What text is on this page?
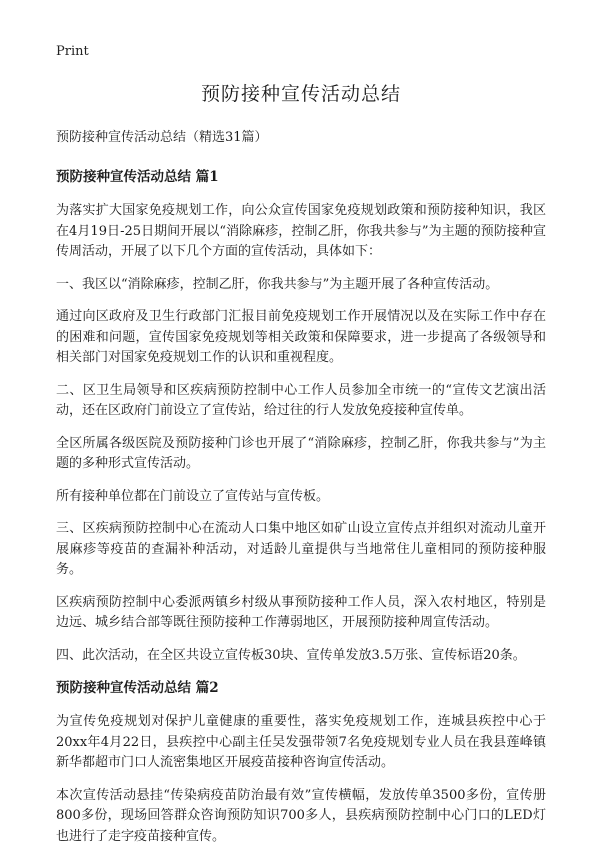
Print
预防接种宣传活动总结

预防接种宣传活动总结（精选31篇）

预防接种宣传活动总结 篇1

为落实扩大国家免疫规划工作，向公众宣传国家免疫规划政策和预防接种知识，我区在4月19日-25日期间开展以“消除麻疹，控制乙肝，你我共参与”为主题的预防接种宣传周活动，开展了以下几个方面的宣传活动，具体如下：

一、我区以“消除麻疹，控制乙肝，你我共参与”为主题开展了各种宣传活动。

通过向区政府及卫生行政部门汇报目前免疫规划工作开展情况以及在实际工作中存在的困难和问题，宣传国家免疫规划等相关政策和保障要求，进一步提高了各级领导和相关部门对国家免疫规划工作的认识和重视程度。

二、区卫生局领导和区疾病预防控制中心工作人员参加全市统一的“宣传文艺演出活动，还在区政府门前设立了宣传站，给过往的行人发放免疫接种宣传单。

全区所属各级医院及预防接种门诊也开展了“消除麻疹，控制乙肝，你我共参与”为主题的多种形式宣传活动。

所有接种单位都在门前设立了宣传站与宣传板。

三、区疾病预防控制中心在流动人口集中地区如矿山设立宣传点并组织对流动儿童开展麻疹等疫苗的查漏补种活动，对适龄儿童提供与当地常住儿童相同的预防接种服务。

区疾病预防控制中心委派两镇乡村级从事预防接种工作人员，深入农村地区，特别是边远、城乡结合部等既往预防接种工作薄弱地区，开展预防接种周宣传活动。

四、此次活动，在全区共设立宣传板30块、宣传单发放3.5万张、宣传标语20条。

预防接种宣传活动总结 篇2

为宣传免疫规划对保护儿童健康的重要性，落实免疫规划工作，连城县疾控中心于20xx年4月22日，县疾控中心副主任吴发强带领7名免疫规划专业人员在我县莲峰镇新华都超市门口人流密集地区开展疫苗接种咨询宣传活动。

本次宣传活动悬挂“传染病疫苗防治最有效”宣传横幅，发放传单3500多份，宣传册800多份，现场回答群众咨询预防知识700多人，县疾病预防控制中心门口的LED灯也进行了走字疫苗接种宣传。
